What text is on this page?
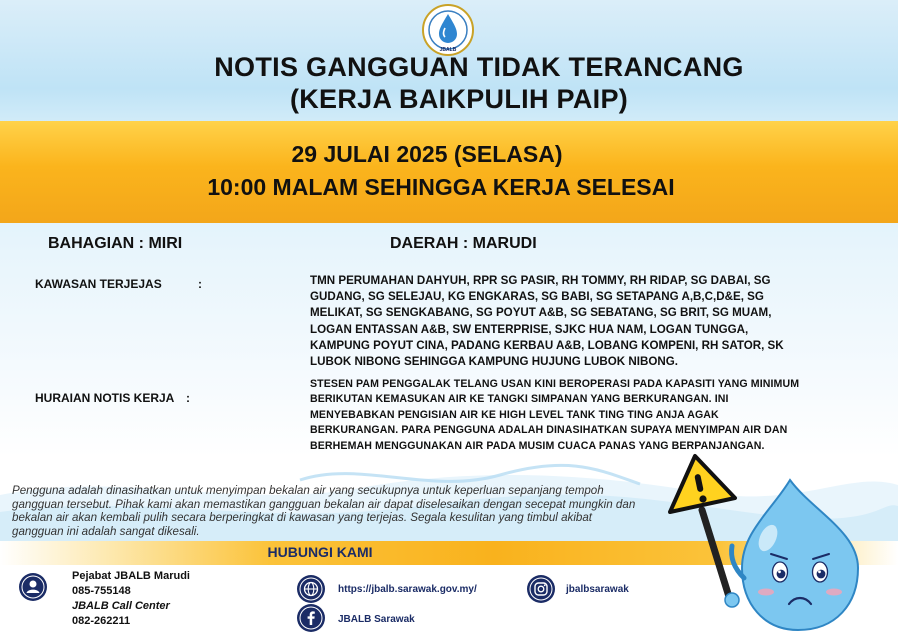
JBALB
NOTIS GANGGUAN TIDAK TERANCANG
(KERJA BAIKPULIH PAIP)
29 JULAI 2025 (SELASA)
10:00 MALAM SEHINGGA KERJA SELESAI
BAHAGIAN : MIRI	DAERAH : MARUDI
KAWASAN TERJEJAS	:	TMN PERUMAHAN DAHYUH, RPR SG PASIR, RH TOMMY, RH RIDAP, SG DABAI, SG GUDANG, SG SELEJAU, KG ENGKARAS, SG BABI, SG SETAPANG A,B,C,D&E, SG MELIKAT, SG SENGKABANG, SG POYUT A&B, SG SEBATANG, SG BRIT, SG MUAM, LOGAN ENTASSAN A&B, SW ENTERPRISE, SJKC HUA NAM, LOGAN TUNGGA, KAMPUNG POYUT CINA, PADANG KERBAU A&B, LOBANG KOMPENI, RH SATOR, SK LUBOK NIBONG SEHINGGA KAMPUNG HUJUNG LUBOK NIBONG.
HURAIAN NOTIS KERJA :
STESEN PAM PENGGALAK TELANG USAN KINI BEROPERASI PADA KAPASITI YANG MINIMUM BERIKUTAN KEMASUKAN AIR KE TANGKI SIMPANAN YANG BERKURANGAN. INI MENYEBABKAN PENGISIAN AIR KE HIGH LEVEL TANK TING TING ANJA AGAK BERKURANGAN. PARA PENGGUNA ADALAH DINASIHATKAN SUPAYA MENYIMPAN AIR DAN BERHEMAH MENGGUNAKAN AIR PADA MUSIM CUACA PANAS YANG BERPANJANGAN.
Pengguna adalah dinasihatkan untuk menyimpan bekalan air yang secukupnya untuk keperluan sepanjang tempoh gangguan tersebut. Pihak kami akan memastikan gangguan bekalan air dapat diselesaikan dengan secepat mungkin dan bekalan air akan kembali pulih secara berperingkat di kawasan yang terjejas. Segala kesulitan yang timbul akibat gangguan ini adalah sangat dikesali.
HUBUNGI KAMI
Pejabat JBALB Marudi
085-755148
JBALB Call Center
082-262211
https://jbalb.sarawak.gov.my/	jbalbsarawak
JBALB Sarawak
